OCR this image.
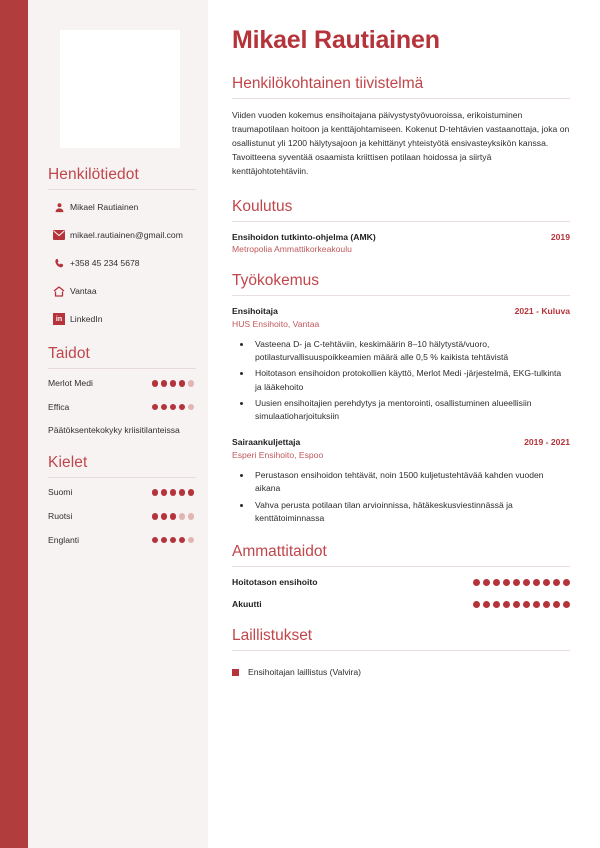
Henkilötiedot
Mikael Rautiainen
mikael.rautiainen@gmail.com
+358 45 234 5678
Vantaa
in LinkedIn
Taidot
Merlot Medi
Effica
Päätöksentekokyky kriisitilanteissa
Kielet
Suomi
Ruotsi
Englanti
Mikael Rautiainen
Henkilökohtainen tiivistelmä

Viiden vuoden kokemus ensihoitajana päivystystyövuoroissa, erikoistuminen traumapotilaan hoitoon ja kenttäjohtamiseen. Kokenut D-tehtävien vastaanottaja, joka on osallistunut yli 1200 hälytysajoon ja kehittänyt yhteistyötä ensivasteyksikön kanssa. Tavoitteena syventää osaamista kriittisen potilaan hoidossa ja siirtyä kenttäjohtotehtäviin.

Koulutus
Ensihoidon tutkinto-ohjelma (AMK)	2019
Metropolia Ammattikorkeakoulu
Työkokemus
Ensihoitaja	2021 - Kuluva
HUS Ensihoito, Vantaa
• Vasteena D- ja C-tehtäviin, keskimäärin 8–10 hälytystä/vuoro, potilasturvallisuuspoikkeamien määrä alle 0,5 % kaikista tehtävistä
• Hoitotason ensihoidon protokollien käyttö, Merlot Medi -järjestelmä, EKG-tulkinta ja lääkehoito
• Uusien ensihoitajien perehdytys ja mentorointi, osallistuminen alueellisiin simulaatioharjoituksiin
Sairaankuljettaja	2019 - 2021
Esperi Ensihoito, Espoo
• Perustason ensihoidon tehtävät, noin 1500 kuljetustehtävää kahden vuoden aikana
• Vahva perusta potilaan tilan arvioinnissa, hätäkeskusviestinnässä ja kenttätoiminnassa
Ammattitaidot
Hoitotason ensihoito
Akuutti
Laillistukset
Ensihoitajan laillistus (Valvira)
